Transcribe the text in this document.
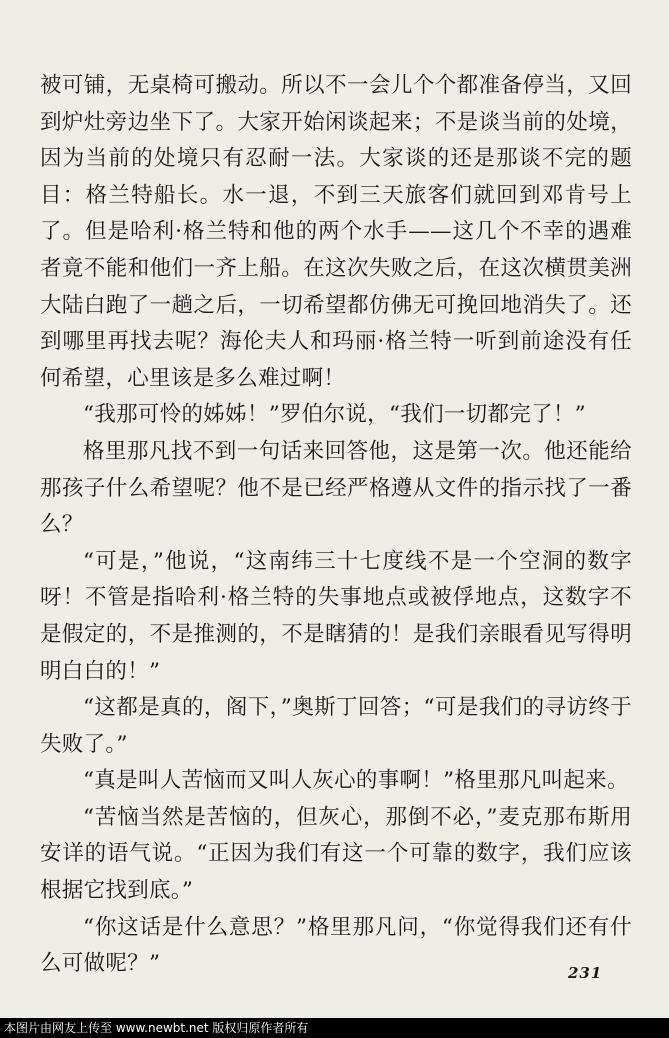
被可铺，无桌椅可搬动。所以不一会儿个个都准备停当，又回到炉灶旁边坐下了。大家开始闲谈起来；不是谈当前的处境，因为当前的处境只有忍耐一法。大家谈的还是那谈不完的题目：格兰特船长。水一退，不到三天旅客们就回到邓肯号上了。但是哈利·格兰特和他的两个水手——这几个不幸的遇难者竟不能和他们一齐上船。在这次失败之后，在这次横贯美洲大陆白跑了一趟之后，一切希望都仿佛无可挽回地消失了。还到哪里再找去呢？海伦夫人和玛丽·格兰特一听到前途没有任何希望，心里该是多么难过啊！

“我那可怜的姊姊！”罗伯尔说，“我们一切都完了！”

格里那凡找不到一句话来回答他，这是第一次。他还能给那孩子什么希望呢？他不是已经严格遵从文件的指示找了一番么？

“可是，”他说，“这南纬三十七度线不是一个空洞的数字呀！不管是指哈利·格兰特的失事地点或被俘地点，这数字不是假定的，不是推测的，不是瞎猜的！是我们亲眼看见写得明明白白的！”

“这都是真的，阁下，”奥斯丁回答；“可是我们的寻访终于失败了。”

“真是叫人苦恼而又叫人灰心的事啊！”格里那凡叫起来。

“苦恼当然是苦恼的，但灰心，那倒不必，”麦克那布斯用安详的语气说。“正因为我们有这一个可靠的数字，我们应该根据它找到底。”

“你这话是什么意思？”格里那凡问，“你觉得我们还有什么可做呢？”	231
本图片由网友上传至 www.newbt.net 版权归原作者所有
